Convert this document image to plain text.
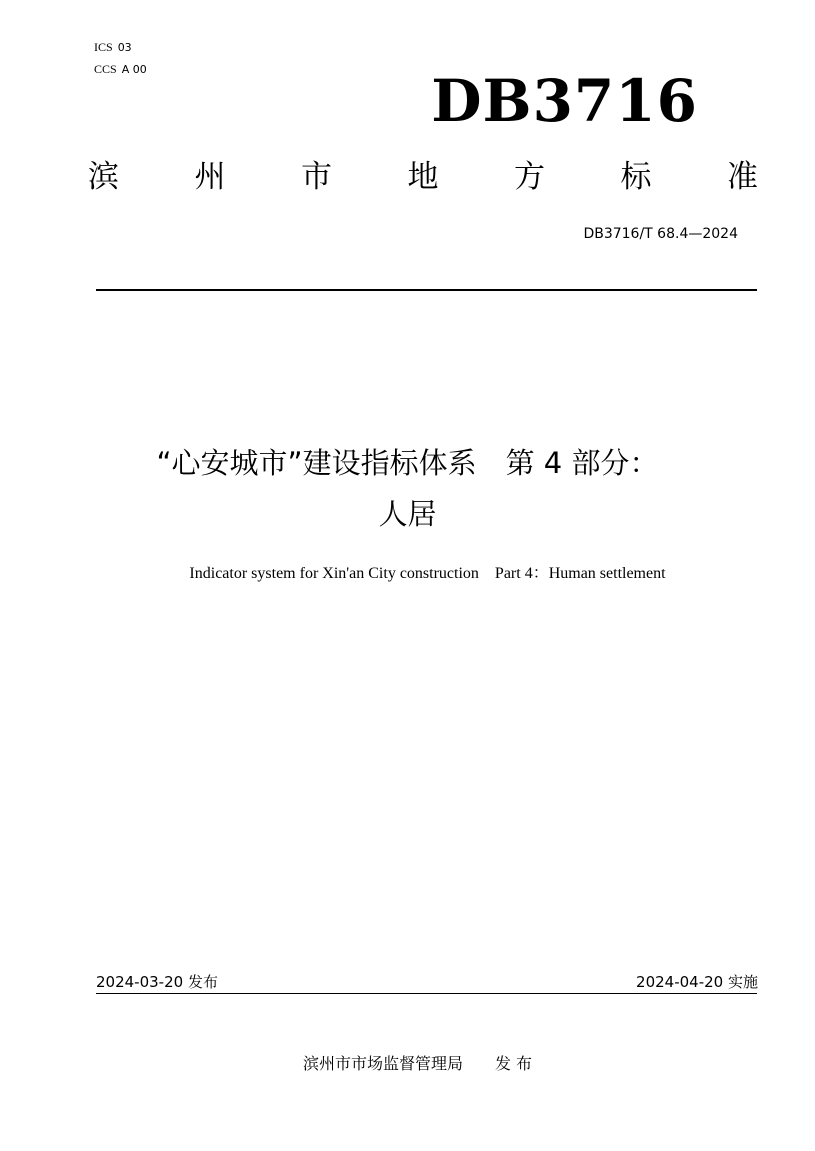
ICS 03
CCS A 00	DB3716
滨 州 市 地 方 标 准
DB3716/T 68.4—2024
“心安城市”建设指标体系　第 4 部分：
人居
Indicator system for Xin'an City construction　Part 4：Human settlement
2024-03-20 发布	2024-04-20 实施
滨州市市场监督管理局　　发 布
